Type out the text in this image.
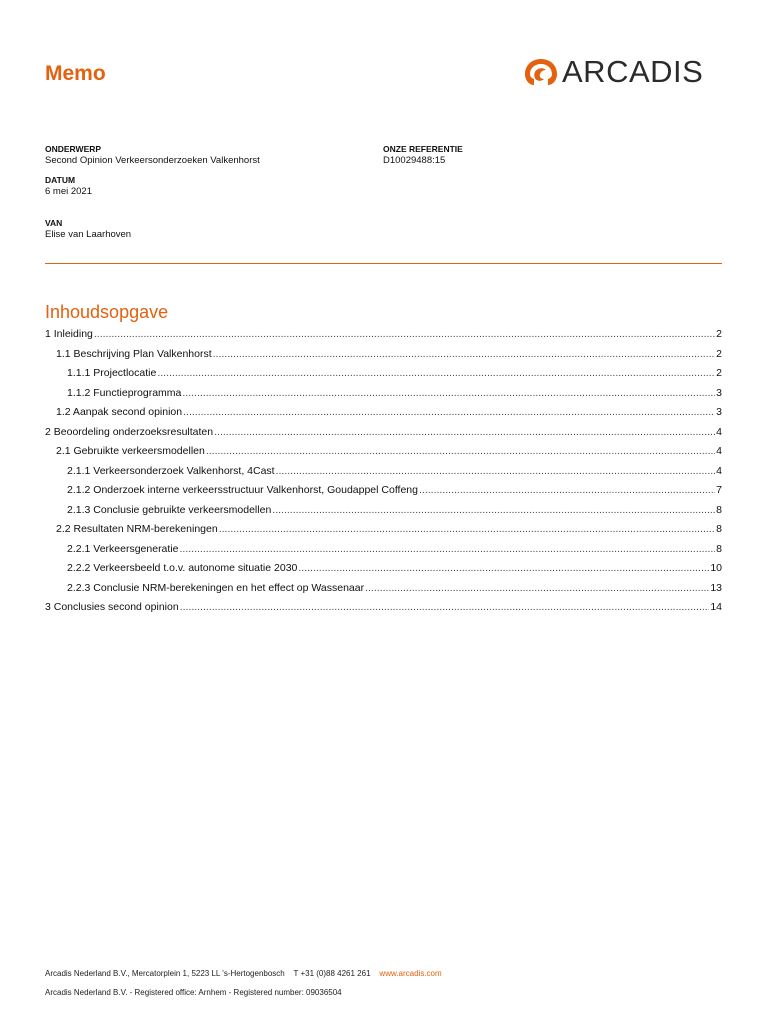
Memo	ARCADIS
ONDERWERP
Second Opinion Verkeersonderzoeken Valkenhorst
ONZE REFERENTIE
D10029488:15
DATUM
6 mei 2021
VAN
Elise van Laarhoven
Inhoudsopgave
1 Inleiding .....	2
1.1 Beschrijving Plan Valkenhorst .....	2
1.1.1 Projectlocatie .....	2
1.1.2 Functieprogramma .....	3
1.2 Aanpak second opinion .....	3
2 Beoordeling onderzoeksresultaten .....	4
2.1 Gebruikte verkeersmodellen .....	4
2.1.1 Verkeersonderzoek Valkenhorst, 4Cast .....	4
2.1.2 Onderzoek interne verkeersstructuur Valkenhorst, Goudappel Coffeng .....	7
2.1.3 Conclusie gebruikte verkeersmodellen .....	8
2.2 Resultaten NRM-berekeningen .....	8
2.2.1 Verkeersgeneratie .....	8
2.2.2 Verkeersbeeld t.o.v. autonome situatie 2030 .....	10
2.2.3 Conclusie NRM-berekeningen en het effect op Wassenaar .....	13
3 Conclusies second opinion .....	14
Arcadis Nederland B.V., Mercatorplein 1, 5223 LL 's-Hertogenbosch T +31 (0)88 4261 261 www.arcadis.com
Arcadis Nederland B.V. - Registered office: Arnhem - Registered number: 09036504
